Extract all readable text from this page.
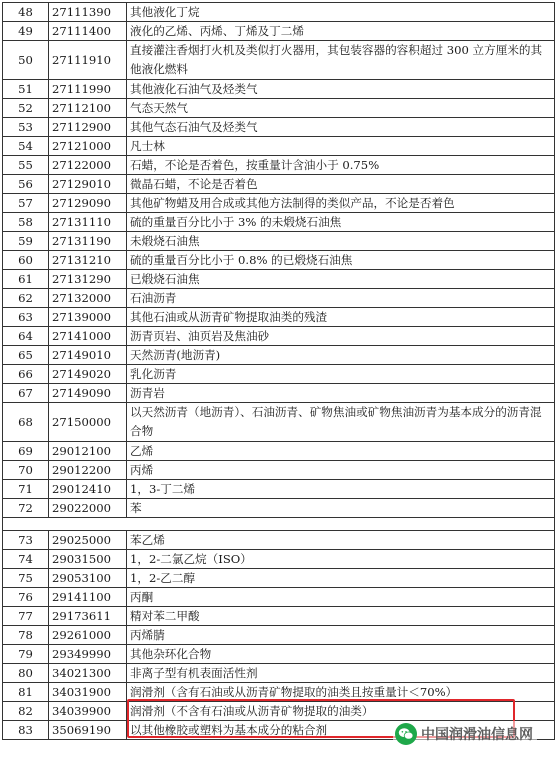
48	27111390	其他液化丁烷
49	27111400	液化的乙烯、丙烯、丁烯及丁二烯
50	27111910	直接灌注香烟打火机及类似打火器用，其包装容器的容积超过 300 立方厘米的其他液化燃料
51	27111990	其他液化石油气及烃类气
52	27112100	气态天然气
53	27112900	其他气态石油气及烃类气
54	27121000	凡士林
55	27122000	石蜡，不论是否着色，按重量计含油小于 0.75%
56	27129010	微晶石蜡，不论是否着色
57	27129090	其他矿物蜡及用合成或其他方法制得的类似产品，不论是否着色
58	27131110	硫的重量百分比小于 3% 的未煅烧石油焦
59	27131190	未煅烧石油焦
60	27131210	硫的重量百分比小于 0.8% 的已煅烧石油焦
61	27131290	已煅烧石油焦
62	27132000	石油沥青
63	27139000	其他石油或从沥青矿物提取油类的残渣
64	27141000	沥青页岩、油页岩及焦油砂
65	27149010	天然沥青(地沥青)
66	27149020	乳化沥青
67	27149090	沥青岩
68	27150000	以天然沥青（地沥青）、石油沥青、矿物焦油或矿物焦油沥青为基本成分的沥青混合物
69	29012100	乙烯
70	29012200	丙烯
71	29012410	1，3-丁二烯
72	29022000	苯

73	29025000	苯乙烯
74	29031500	1，2-二氯乙烷（ISO）
75	29053100	1，2-乙二醇
76	29141100	丙酮
77	29173611	精对苯二甲酸
78	29261000	丙烯腈
79	29349990	其他杂环化合物
80	34021300	非离子型有机表面活性剂
81	34031900	润滑剂（含有石油或从沥青矿物提取的油类且按重量计＜70%）
82	34039900	润滑剂（不含有石油或从沥青矿物提取的油类）
83	35069190	以其他橡胶或塑料为基本成分的粘合剂	中国润滑油信息网
